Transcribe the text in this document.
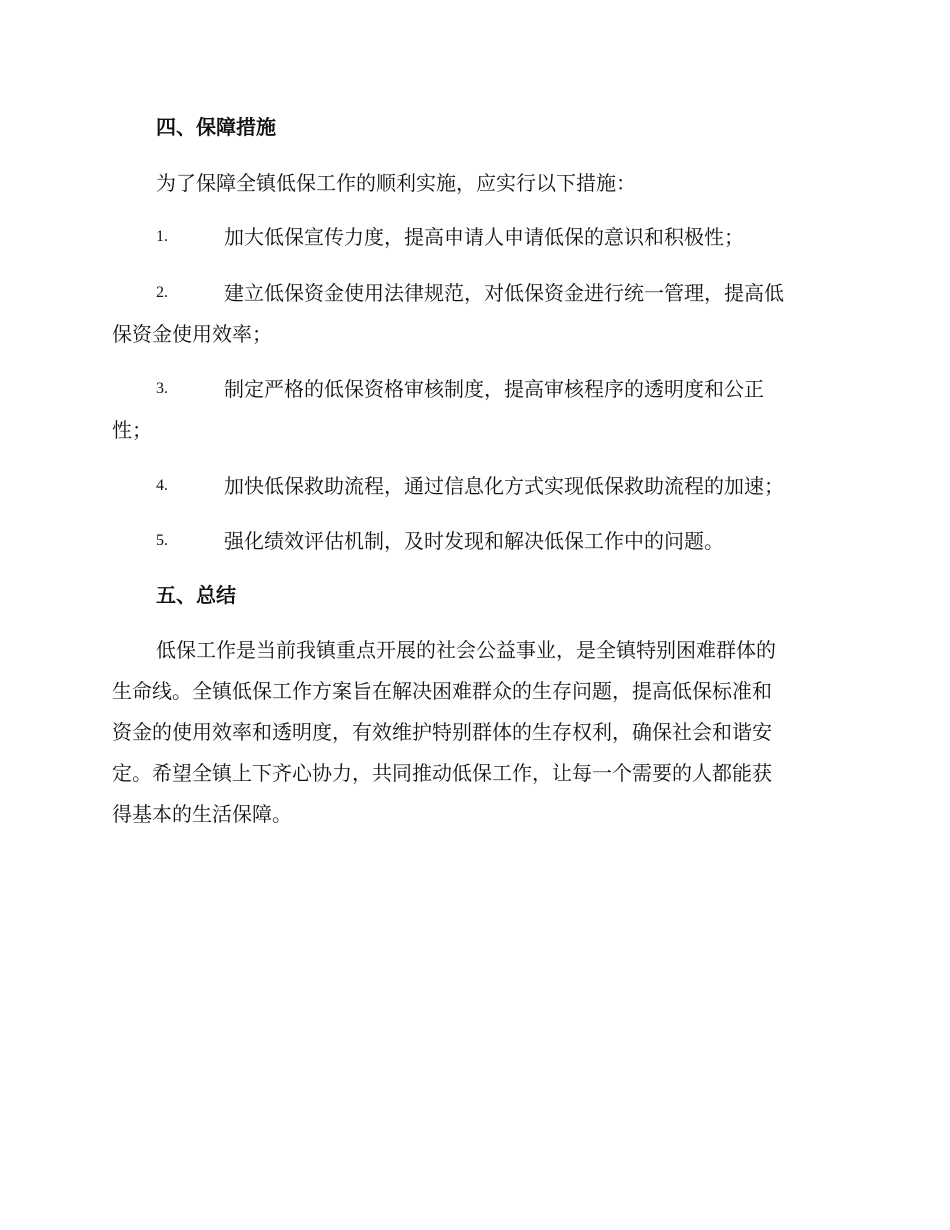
四、保障措施
为了保障全镇低保工作的顺利实施，应实行以下措施：
1.	加大低保宣传力度，提高申请人申请低保的意识和积极性；
2.	建立低保资金使用法律规范，对低保资金进行统一管理，提高低
保资金使用效率；
3.	制定严格的低保资格审核制度，提高审核程序的透明度和公正
性；
4.	加快低保救助流程，通过信息化方式实现低保救助流程的加速；
5.	强化绩效评估机制，及时发现和解决低保工作中的问题。
五、总结
低保工作是当前我镇重点开展的社会公益事业，是全镇特别困难群体的
生命线。全镇低保工作方案旨在解决困难群众的生存问题，提高低保标准和
资金的使用效率和透明度，有效维护特别群体的生存权利，确保社会和谐安
定。希望全镇上下齐心协力，共同推动低保工作，让每一个需要的人都能获
得基本的生活保障。
